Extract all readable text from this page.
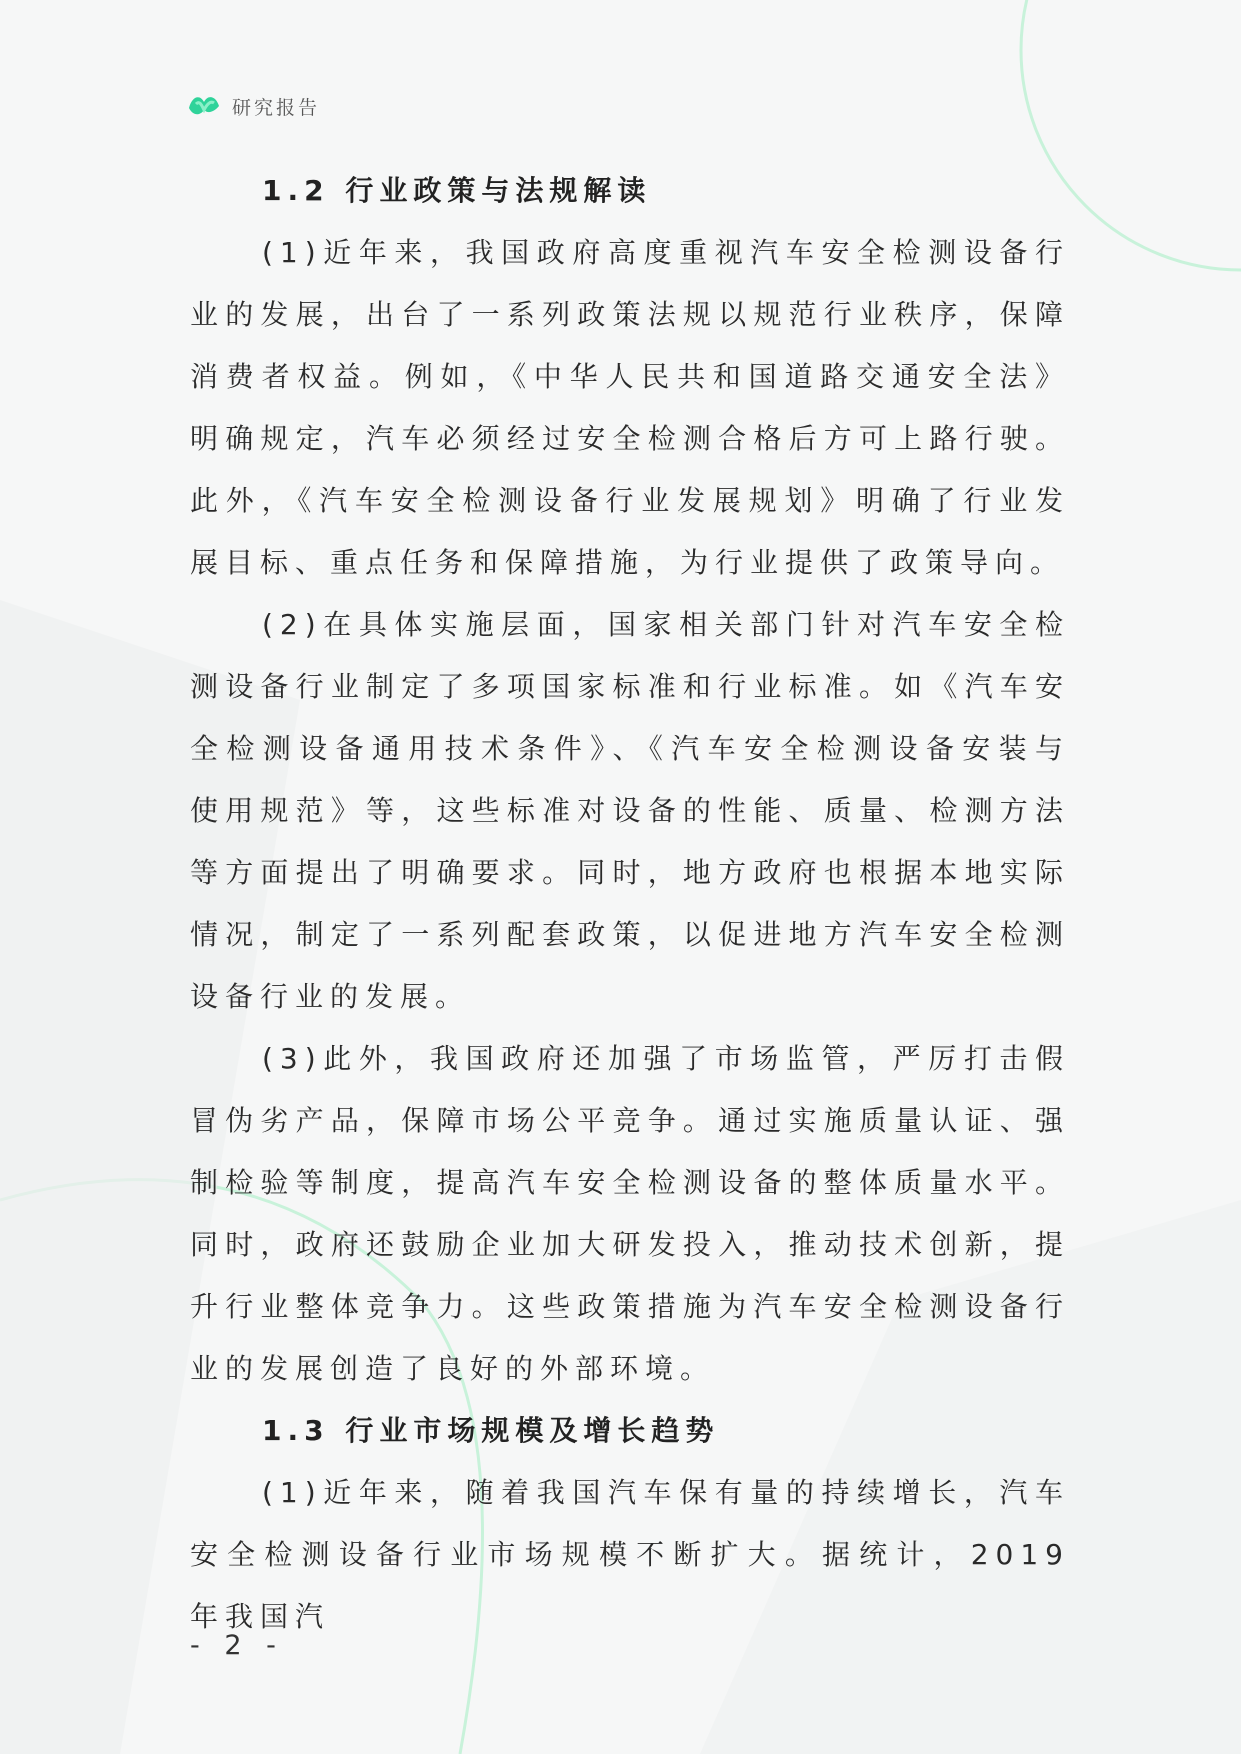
研究报告
1.2 行业政策与法规解读

(1)近年来，我国政府高度重视汽车安全检测设备行业的发展，出台了一系列政策法规以规范行业秩序，保障消费者权益。例如，《中华人民共和国道路交通安全法》明确规定，汽车必须经过安全检测合格后方可上路行驶。此外，《汽车安全检测设备行业发展规划》明确了行业发展目标、重点任务和保障措施，为行业提供了政策导向。

(2)在具体实施层面，国家相关部门针对汽车安全检测设备行业制定了多项国家标准和行业标准。如《汽车安全检测设备通用技术条件》、《汽车安全检测设备安装与使用规范》等，这些标准对设备的性能、质量、检测方法等方面提出了明确要求。同时，地方政府也根据本地实际情况，制定了一系列配套政策，以促进地方汽车安全检测设备行业的发展。

(3)此外，我国政府还加强了市场监管，严厉打击假冒伪劣产品，保障市场公平竞争。通过实施质量认证、强制检验等制度，提高汽车安全检测设备的整体质量水平。同时，政府还鼓励企业加大研发投入，推动技术创新，提升行业整体竞争力。这些政策措施为汽车安全检测设备行业的发展创造了良好的外部环境。

1.3 行业市场规模及增长趋势

(1)近年来，随着我国汽车保有量的持续增长，汽车安全检测设备行业市场规模不断扩大。据统计，2019 年我国汽

- 2 -
